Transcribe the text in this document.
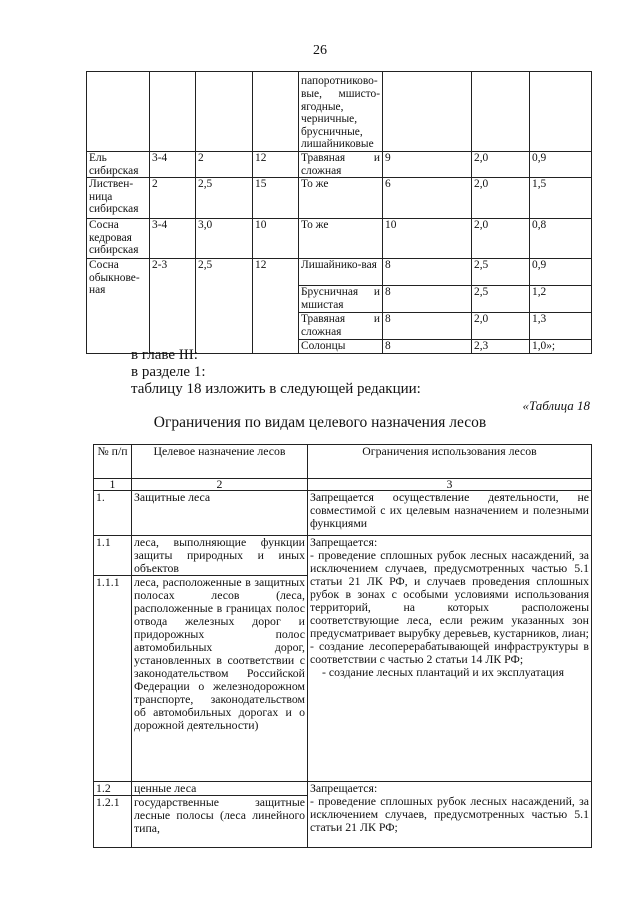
26
				папоротниково-вые, мшисто-ягодные, черничные, брусничные, лишайниковые			
Ель сибирская	3-4	2	12	Травяная и сложная	9	2,0	0,9
Листвен-ница сибирская	2	2,5	15	То же	6	2,0	1,5
Сосна кедровая сибирская	3-4	3,0	10	То же	10	2,0	0,8
Сосна обыкнове-ная	2-3	2,5	12	Лишайнико-вая	8	2,5	0,9
				Брусничная и мшистая	8	2,5	1,2
				Травяная и сложная	8	2,0	1,3
				Солонцы	8	2,3	1,0»;
в главе III:
в разделе 1:
таблицу 18 изложить в следующей редакции:
«Таблица 18
Ограничения по видам целевого назначения лесов
№ п/п	Целевое назначение лесов	Ограничения использования лесов
1	2	3
1.	Защитные леса	Запрещается осуществление деятельности, не совместимой с их целевым назначением и полезными функциями
1.1	леса, выполняющие функции защиты природных и иных объектов	Запрещается:
- проведение сплошных рубок лесных насаждений, за исключением случаев, предусмотренных частью 5.1 статьи 21 ЛК РФ, и случаев проведения сплошных рубок в зонах с особыми условиями использования территорий, на которых расположены соответствующие леса, если режим указанных зон предусматривает вырубку деревьев, кустарников, лиан;
- создание лесоперерабатывающей инфраструктуры в соответствии с частью 2 статьи 14 ЛК РФ;
- создание лесных плантаций и их эксплуатация

1.1.1	леса, расположенные в защитных полосах лесов (леса, расположенные в границах полос отвода железных дорог и придорожных полос автомобильных дорог, установленных в соответствии с законодательством Российской Федерации о железнодорожном транспорте, законодательством об автомобильных дорогах и о дорожной деятельности)	
1.2	ценные леса	Запрещается:
- проведение сплошных рубок лесных насаждений, за исключением случаев, предусмотренных частью 5.1 статьи 21 ЛК РФ;

1.2.1	государственные защитные лесные полосы (леса линейного типа,	
